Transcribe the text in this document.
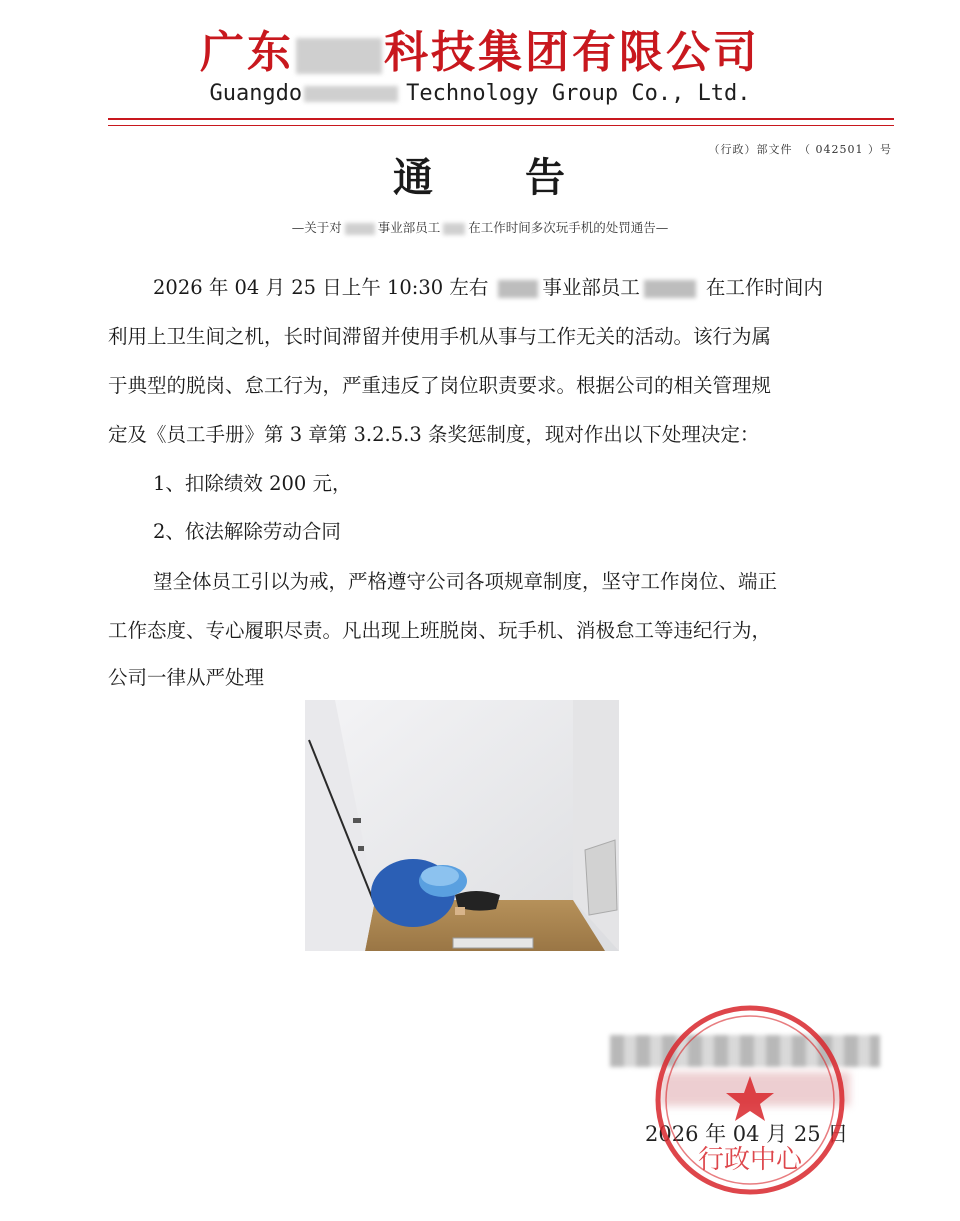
广东 科技集团有限公司
Guangdo	Technology Group Co., Ltd.
（行政）部文件　（ 042501 ）号
通 告
—关于对	事业部员工 在工作时间多次玩手机的处罚通告—
2026 年 04 月 25 日上午 10:30 左右	事业部员工	在工作时间内
利用上卫生间之机，长时间滞留并使用手机从事与工作无关的活动。该行为属
于典型的脱岗、怠工行为，严重违反了岗位职责要求。根据公司的相关管理规
定及《员工手册》第 3 章第 3.2.5.3 条奖惩制度，现对作出以下处理决定：
1、扣除绩效 200 元，
2、依法解除劳动合同
望全体员工引以为戒，严格遵守公司各项规章制度，坚守工作岗位、端正
工作态度、专心履职尽责。凡出现上班脱岗、玩手机、消极怠工等违纪行为，
公司一律从严处理
2026 年 04 月 25 日
行政中心
